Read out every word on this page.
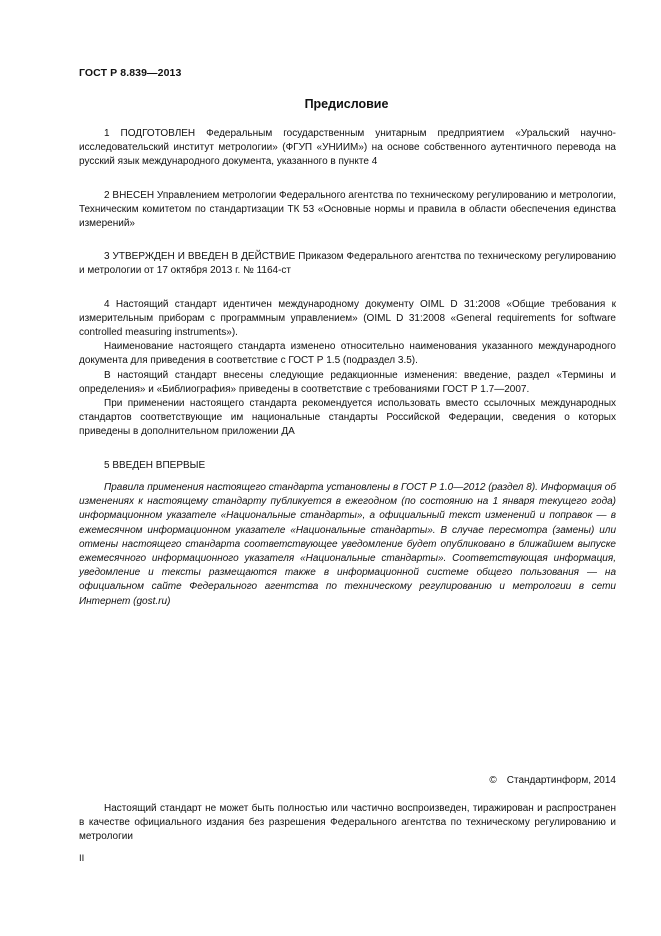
ГОСТ Р 8.839—2013
Предисловие

1 ПОДГОТОВЛЕН Федеральным государственным унитарным предприятием «Уральский научно-исследовательский институт метрологии» (ФГУП «УНИИМ») на основе собственного аутентичного перевода на русский язык международного документа, указанного в пункте 4

2 ВНЕСЕН Управлением метрологии Федерального агентства по техническому регулированию и метрологии, Техническим комитетом по стандартизации ТК 53 «Основные нормы и правила в области обеспечения единства измерений»

3 УТВЕРЖДЕН И ВВЕДЕН В ДЕЙСТВИЕ Приказом Федерального агентства по техническому регулированию и метрологии от 17 октября 2013 г. № 1164-ст

4 Настоящий стандарт идентичен международному документу OIML D 31:2008 «Общие требования к измерительным приборам с программным управлением» (OIML D 31:2008 «General requirements for software controlled measuring instruments»).

Наименование настоящего стандарта изменено относительно наименования указанного международного документа для приведения в соответствие с ГОСТ Р 1.5 (подраздел 3.5).

В настоящий стандарт внесены следующие редакционные изменения: введение, раздел «Термины и определения» и «Библиография» приведены в соответствие с требованиями ГОСТ Р 1.7—2007.

При применении настоящего стандарта рекомендуется использовать вместо ссылочных международных стандартов соответствующие им национальные стандарты Российской Федерации, сведения о которых приведены в дополнительном приложении ДА

5 ВВЕДЕН ВПЕРВЫЕ

Правила применения настоящего стандарта установлены в ГОСТ Р 1.0—2012 (раздел 8). Информация об изменениях к настоящему стандарту публикуется в ежегодном (по состоянию на 1 января текущего года) информационном указателе «Национальные стандарты», а официальный текст изменений и поправок — в ежемесячном информационном указателе «Национальные стандарты». В случае пересмотра (замены) или отмены настоящего стандарта соответствующее уведомление будет опубликовано в ближайшем выпуске ежемесячного информационного указателя «Национальные стандарты». Соответствующая информация, уведомление и тексты размещаются также в информационной системе общего пользования — на официальном сайте Федерального агентства по техническому регулированию и метрологии в сети Интернет (gost.ru)

© Стандартинформ, 2014

Настоящий стандарт не может быть полностью или частично воспроизведен, тиражирован и распространен в качестве официального издания без разрешения Федерального агентства по техническому регулированию и метрологии

II
